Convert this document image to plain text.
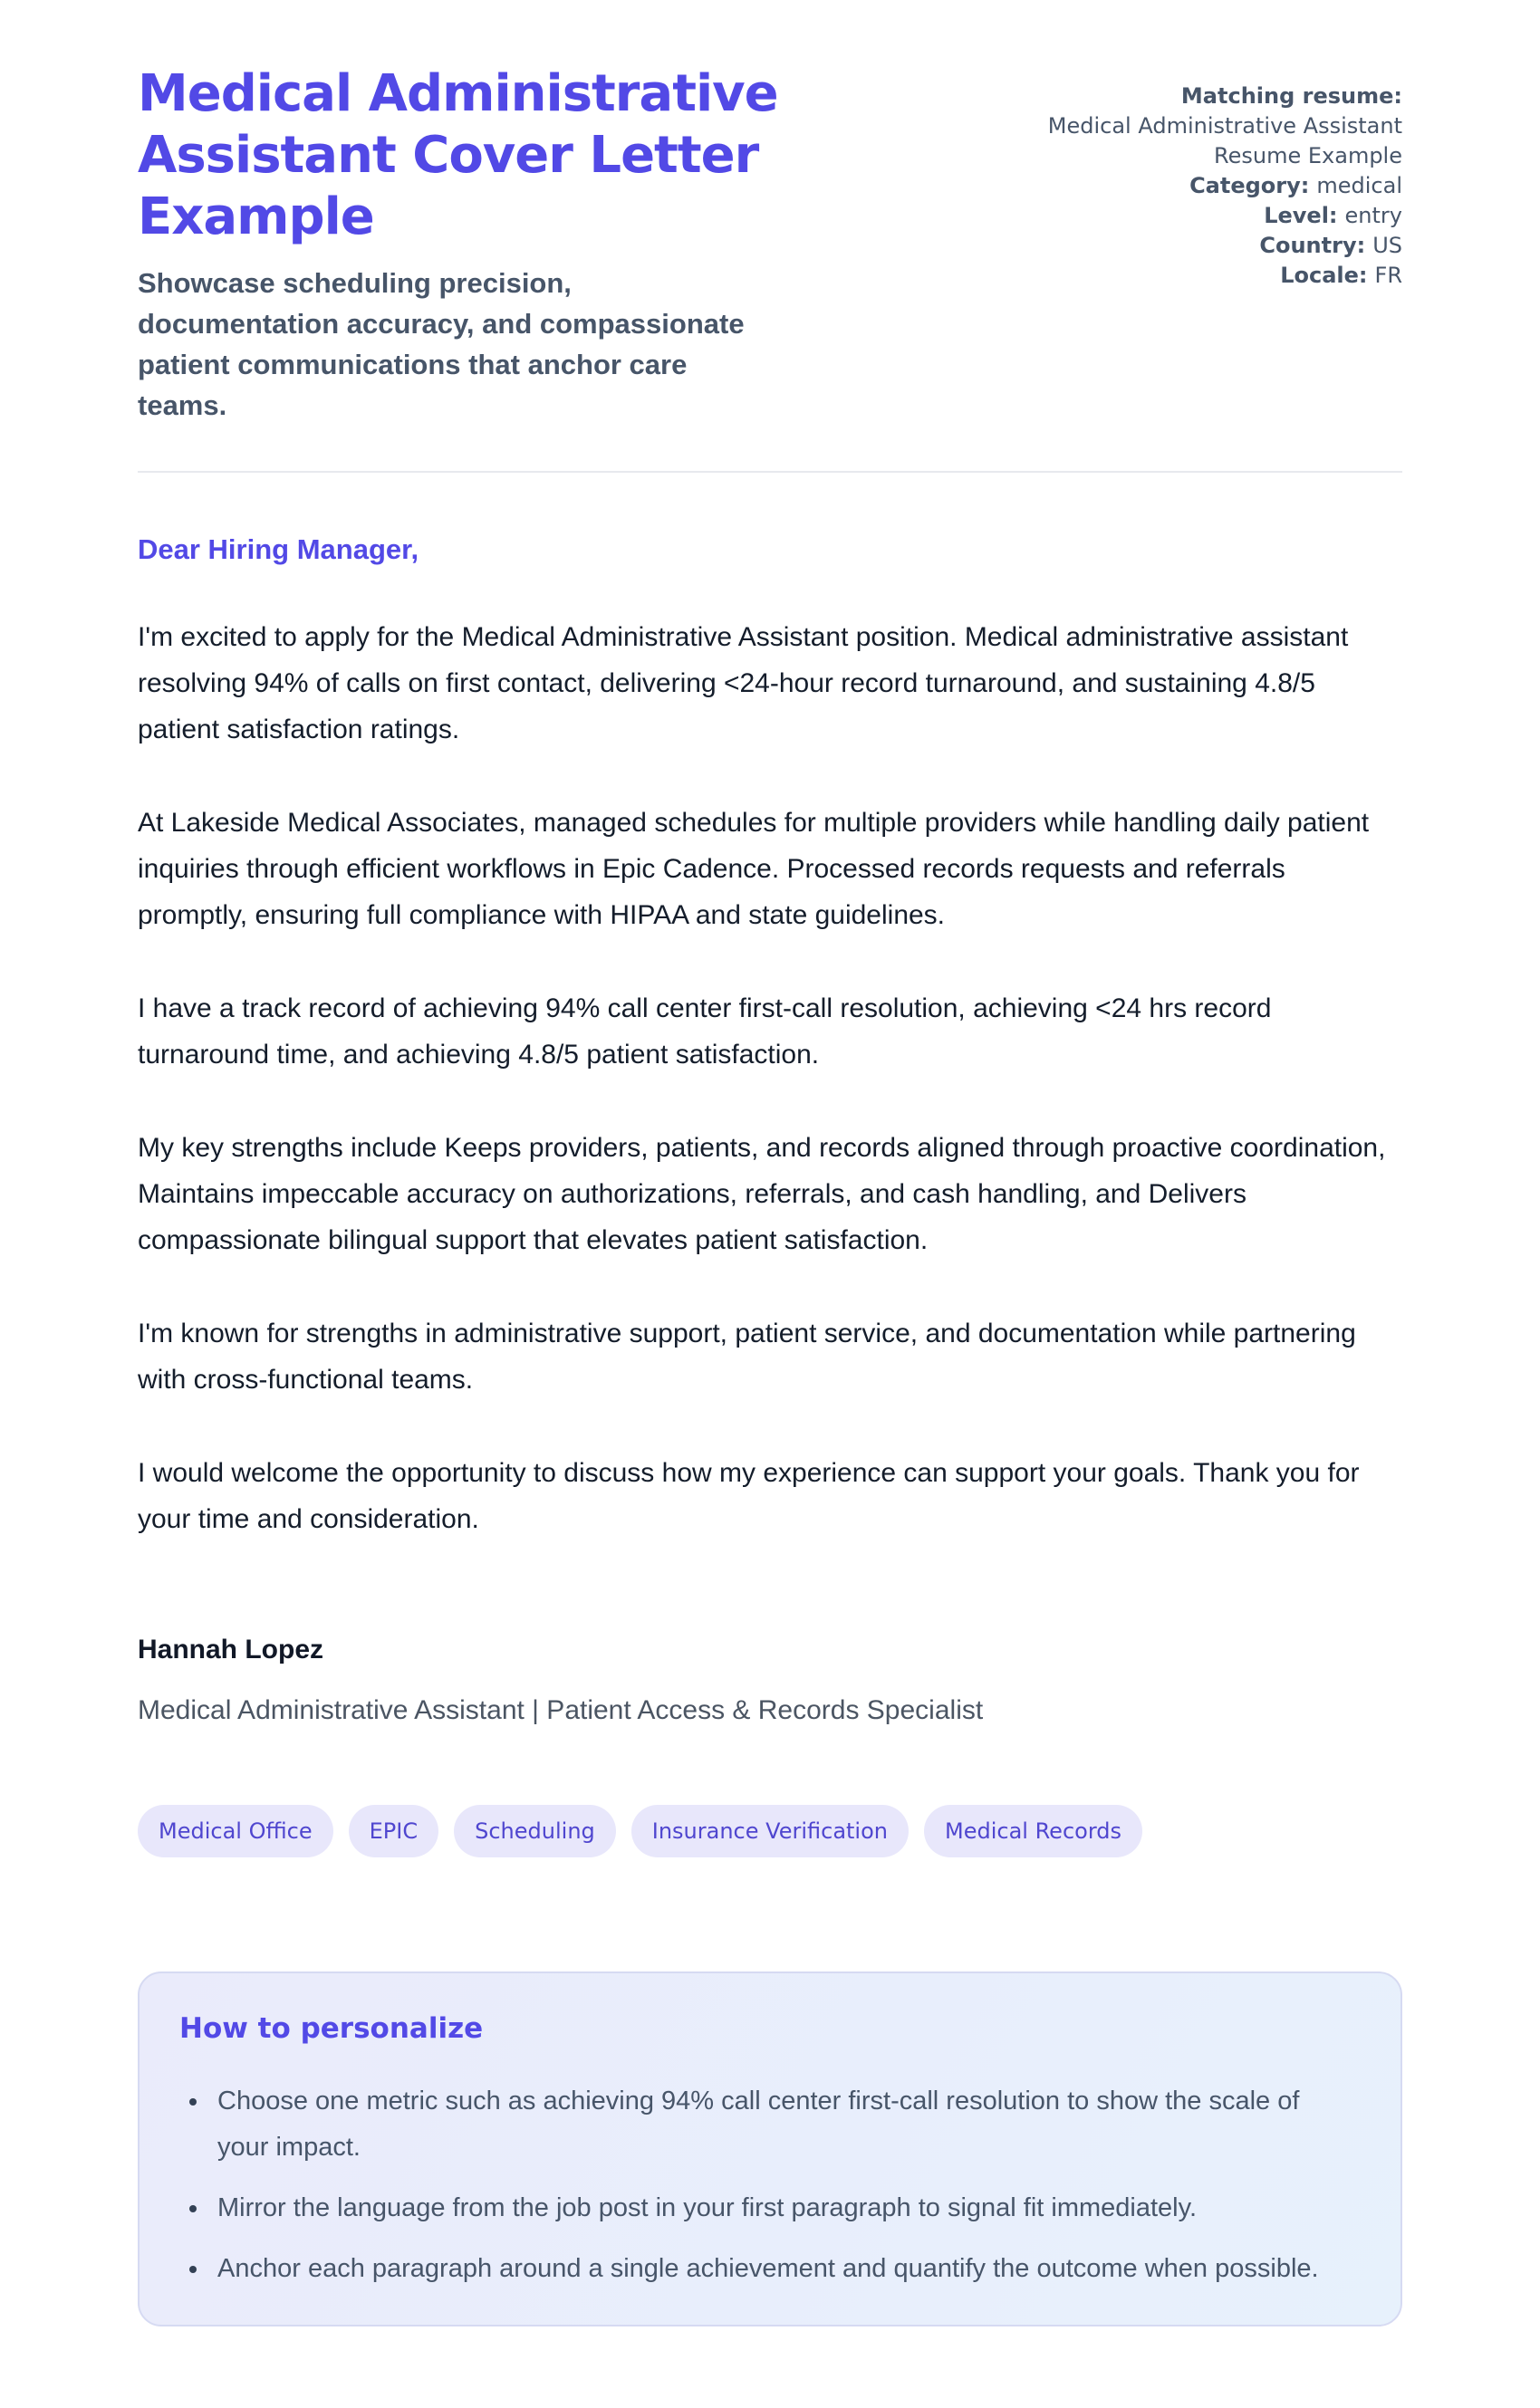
Medical Administrative
Assistant Cover Letter Example

Showcase scheduling precision, documentation accuracy, and compassionate patient communications that anchor care teams.

Matching resume:
Medical Administrative Assistant Resume Example
Category: medical
Level: entry
Country: US
Locale: FR

Dear Hiring Manager,

I'm excited to apply for the Medical Administrative Assistant position. Medical administrative assistant resolving 94% of calls on first contact, delivering <24-hour record turnaround, and sustaining 4.8/5 patient satisfaction ratings.

At Lakeside Medical Associates, managed schedules for multiple providers while handling daily patient inquiries through efficient workflows in Epic Cadence. Processed records requests and referrals promptly, ensuring full compliance with HIPAA and state guidelines.

I have a track record of achieving 94% call center first-call resolution, achieving <24 hrs record turnaround time, and achieving 4.8/5 patient satisfaction.

My key strengths include Keeps providers, patients, and records aligned through proactive coordination, Maintains impeccable accuracy on authorizations, referrals, and cash handling, and Delivers compassionate bilingual support that elevates patient satisfaction.

I'm known for strengths in administrative support, patient service, and documentation while partnering with cross-functional teams.

I would welcome the opportunity to discuss how my experience can support your goals. Thank you for your time and consideration.

Hannah Lopez

Medical Administrative Assistant | Patient Access & Records Specialist

Medical Office	EPIC	Scheduling	Insurance Verification	Medical Records
How to personalize
• Choose one metric such as achieving 94% call center first-call resolution to show the scale of your impact.
• Mirror the language from the job post in your first paragraph to signal fit immediately.
• Anchor each paragraph around a single achievement and quantify the outcome when possible.
